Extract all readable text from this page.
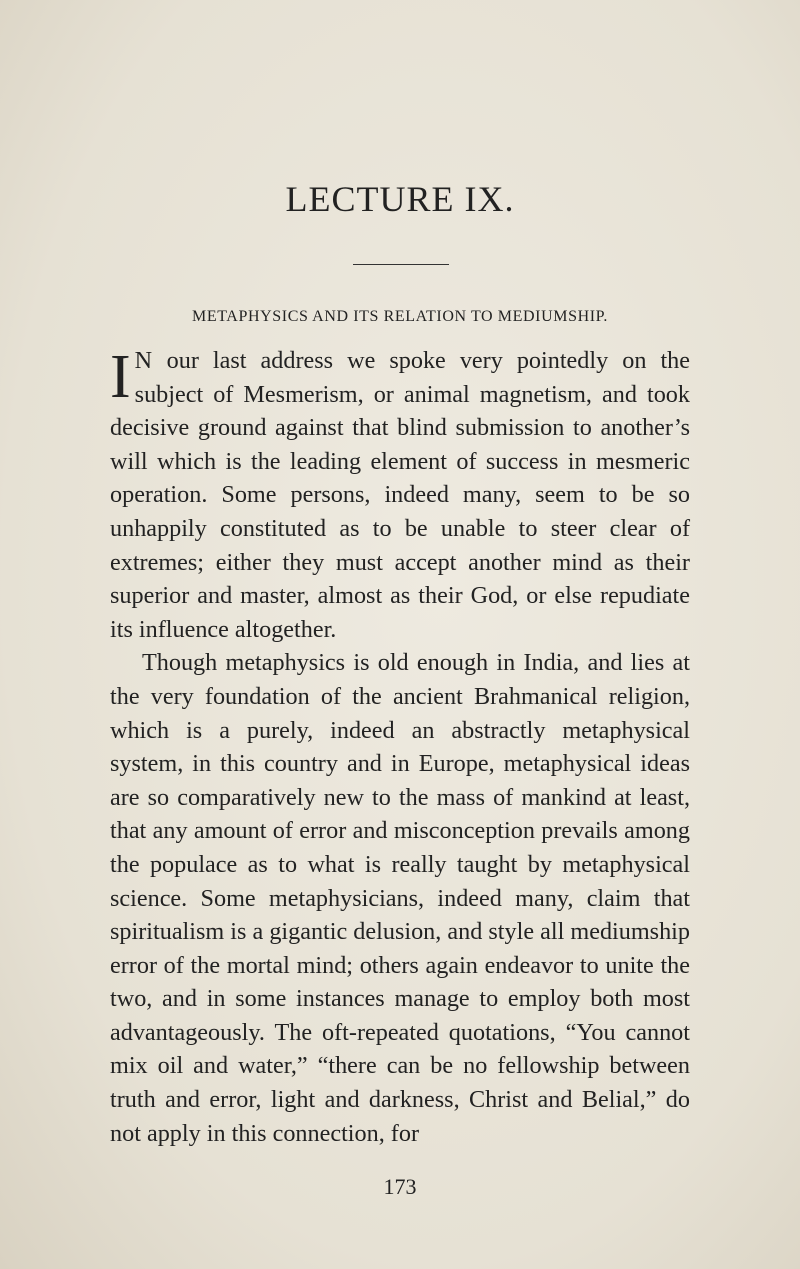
LECTURE IX.
METAPHYSICS AND ITS RELATION TO MEDIUMSHIP.

I N our last address we spoke very pointedly on the subject of Mesmerism, or animal magnetism, and took decisive ground against that blind submission to another’s will which is the leading element of success in mesmeric operation. Some persons, indeed many, seem to be so unhappily constituted as to be unable to steer clear of extremes; either they must accept another mind as their superior and master, almost as their God, or else repudiate its influence altogether.

Though metaphysics is old enough in India, and lies at the very foundation of the ancient Brahmanical religion, which is a purely, indeed an abstractly metaphysical system, in this country and in Europe, metaphysical ideas are so comparatively new to the mass of mankind at least, that any amount of error and misconception prevails among the populace as to what is really taught by metaphysical science. Some metaphysicians, indeed many, claim that spiritualism is a gigantic delusion, and style all mediumship error of the mortal mind; others again endeavor to unite the two, and in some instances manage to employ both most advantageously. The oft-repeated quotations, “You cannot mix oil and water,” “there can be no fellowship between truth and error, light and darkness, Christ and Belial,” do not apply in this connection, for

173
